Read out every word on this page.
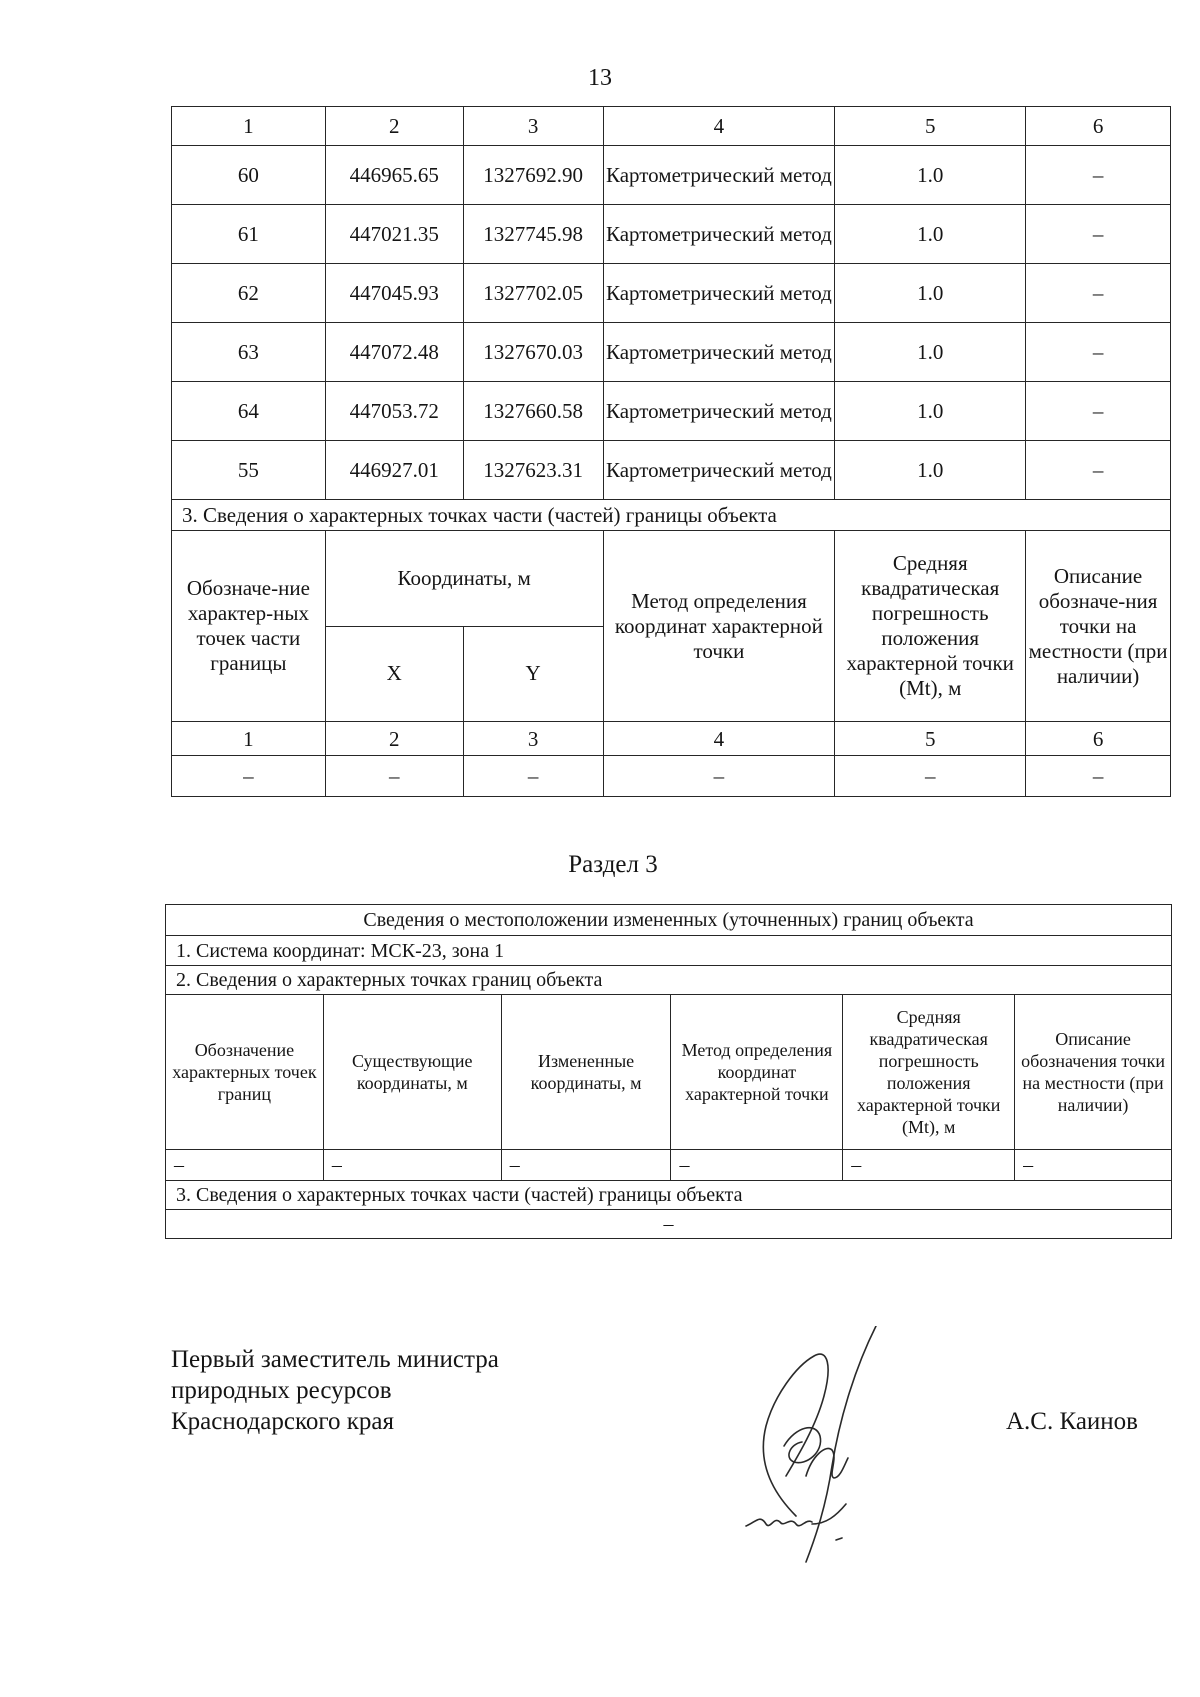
13
1	2	3	4	5	6
60	446965.65	1327692.90	Картометрический метод	1.0	–
61	447021.35	1327745.98	Картометрический метод	1.0	–
62	447045.93	1327702.05	Картометрический метод	1.0	–
63	447072.48	1327670.03	Картометрический метод	1.0	–
64	447053.72	1327660.58	Картометрический метод	1.0	–
55	446927.01	1327623.31	Картометрический метод	1.0	–
3. Сведения о характерных точках части (частей) границы объекта					
Обозначе-ние характер-ных точек части границы	Координаты, м		Метод определения координат характерной точки	Средняя квадратическая погрешность положения характерной точки (Mt), м	Описание обозначе-ния точки на местности (при наличии)
	X	Y			
1	2	3	4	5	6
–	–	–	–	–	–
Раздел 3
Сведения о местоположении измененных (уточненных) границ объекта					
1. Система координат: МСК-23, зона 1					
2. Сведения о характерных точках границ объекта					
Обозначение характерных точек границ	Существующие координаты, м	Измененные координаты, м	Метод определения координат характерной точки	Средняя квадратическая погрешность положения характерной точки (Mt), м	Описание обозначения точки на местности (при наличии)
–	–	–	–	–	–
3. Сведения о характерных точках части (частей) границы объекта					
–					
Первый заместитель министра
природных ресурсов
Краснодарского края	А.С. Каинов
